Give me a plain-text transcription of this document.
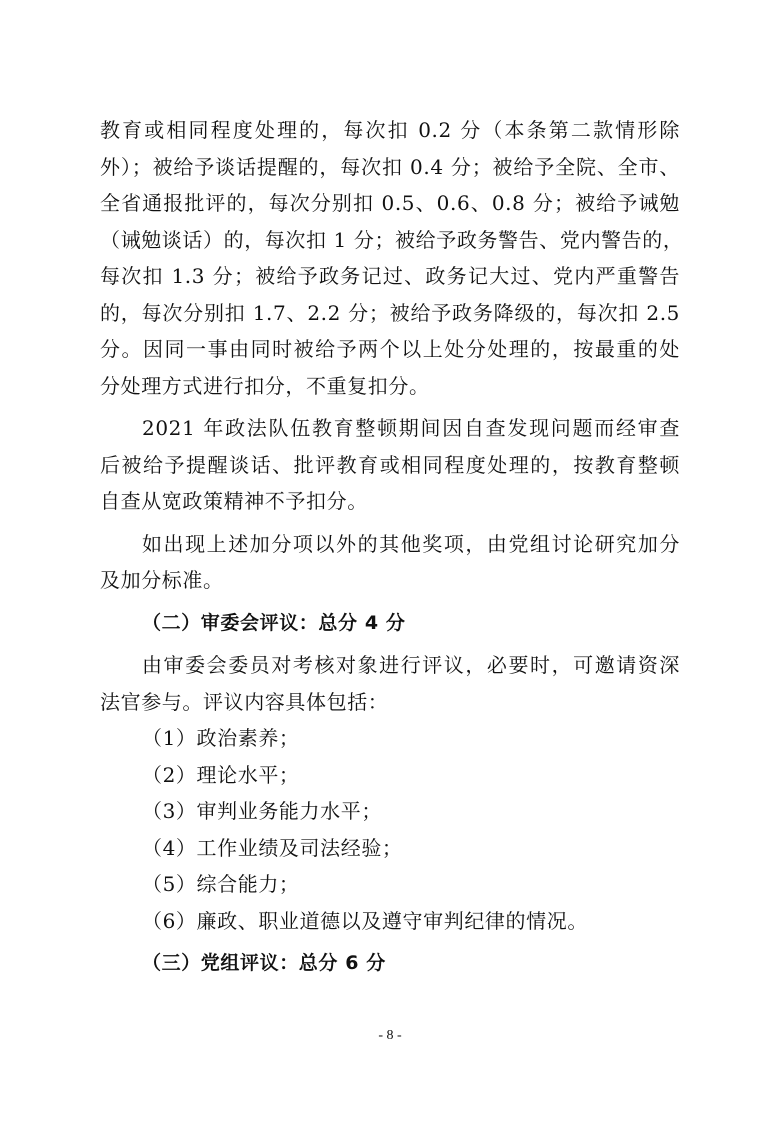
教育或相同程度处理的，每次扣 0.2 分（本条第二款情形除
外）；被给予谈话提醒的，每次扣 0.4 分；被给予全院、全市、
全省通报批评的，每次分别扣 0.5、0.6、0.8 分；被给予诫勉
（诫勉谈话）的，每次扣 1 分；被给予政务警告、党内警告的，
每次扣 1.3 分；被给予政务记过、政务记大过、党内严重警告
的，每次分别扣 1.7、2.2 分；被给予政务降级的，每次扣 2.5
分。因同一事由同时被给予两个以上处分处理的，按最重的处
分处理方式进行扣分，不重复扣分。
2021 年政法队伍教育整顿期间因自查发现问题而经审查
后被给予提醒谈话、批评教育或相同程度处理的，按教育整顿
自查从宽政策精神不予扣分。
如出现上述加分项以外的其他奖项，由党组讨论研究加分
及加分标准。
（二）审委会评议：总分 4 分
由审委会委员对考核对象进行评议，必要时，可邀请资深
法官参与。评议内容具体包括：
（1）政治素养；
（2）理论水平；
（3）审判业务能力水平；
（4）工作业绩及司法经验；
（5）综合能力；
（6）廉政、职业道德以及遵守审判纪律的情况。
（三）党组评议：总分 6 分
- 8 -
